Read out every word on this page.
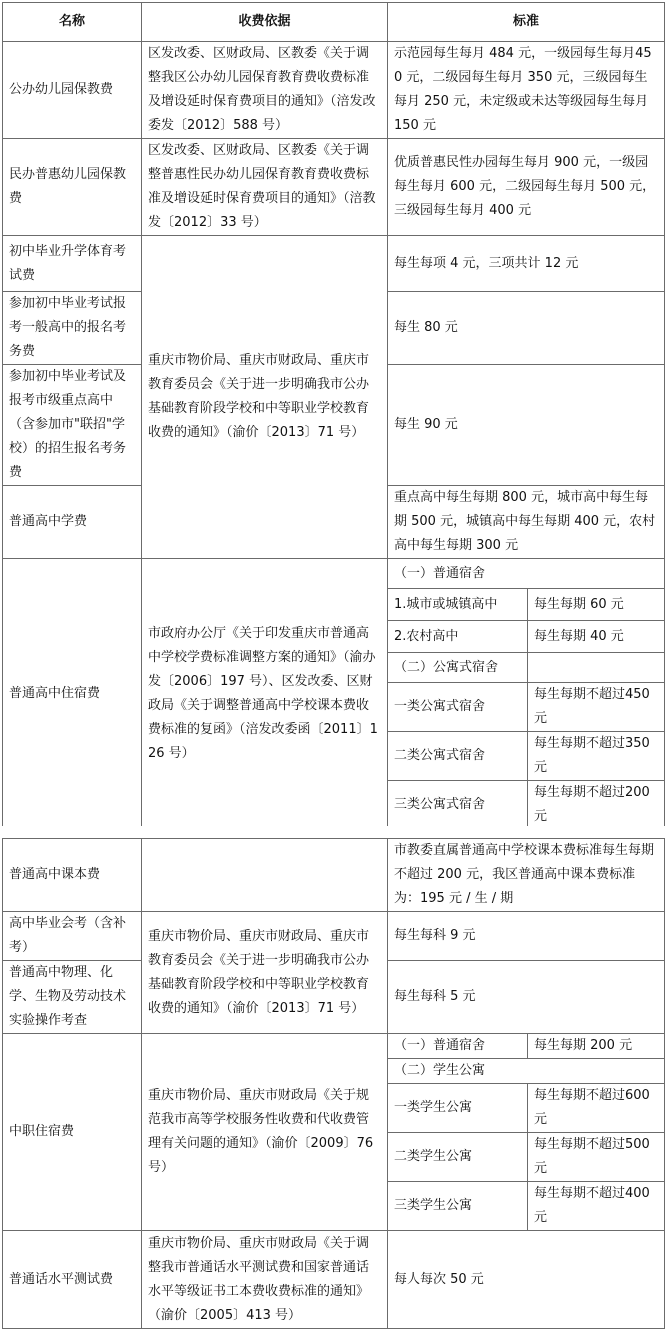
名称	收费依据	标准	
公办幼儿园保教费	区发改委、区财政局、区教委《关于调整我区公办幼儿园保育教育费收费标准及增设延时保育费项目的通知》（涪发改委发〔2012〕588 号）	示范园每生每月 484 元，一级园每生每月450 元，二级园每生每月 350 元，三级园每生每月 250 元，未定级或未达等级园每生每月 150 元	
民办普惠幼儿园保教费	区发改委、区财政局、区教委《关于调整普惠性民办幼儿园保育教育费收费标准及增设延时保育费项目的通知》（涪教发〔2012〕33 号）	优质普惠民性办园每生每月 900 元，一级园每生每月 600 元，二级园每生每月 500 元，三级园每生每月 400 元	
初中毕业升学体育考试费	重庆市物价局、重庆市财政局、重庆市教育委员会《关于进一步明确我市公办基础教育阶段学校和中等职业学校教育收费的通知》（渝价〔2013〕71 号）	每生每项 4 元，三项共计 12 元	
参加初中毕业考试报考一般高中的报名考务费		每生 80 元	
参加初中毕业考试及报考市级重点高中（含参加市"联招"学校）的招生报名考务费		每生 90 元	
普通高中学费		重点高中每生每期 800 元，城市高中每生每期 500 元，城镇高中每生每期 400 元，农村高中每生每期 300 元	
普通高中住宿费	市政府办公厅《关于印发重庆市普通高中学校学费标准调整方案的通知》（渝办发〔2006〕197 号）、区发改委、区财政局《关于调整普通高中学校课本费收费标准的复函》（涪发改委函〔2011〕126 号）	（一）普通宿舍	
		1.城市或城镇高中	每生每期 60 元
		2.农村高中	每生每期 40 元
		（二）公寓式宿舍	
		一类公寓式宿舍	每生每期不超过450 元
		二类公寓式宿舍	每生每期不超过350 元
		三类公寓式宿舍	每生每期不超过200 元
普通高中课本费		市教委直属普通高中学校课本费标准每生每期不超过 200 元，我区普通高中课本费标准为：195 元 / 生 / 期	
高中毕业会考（含补考）	重庆市物价局、重庆市财政局、重庆市教育委员会《关于进一步明确我市公办基础教育阶段学校和中等职业学校教育收费的通知》（渝价〔2013〕71 号）	每生每科 9 元	
普通高中物理、化学、生物及劳动技术实验操作考查		每生每科 5 元	
中职住宿费	重庆市物价局、重庆市财政局《关于规范我市高等学校服务性收费和代收费管理有关问题的通知》（渝价〔2009〕76 号）	（一）普通宿舍	每生每期 200 元
		（二）学生公寓	
		一类学生公寓	每生每期不超过600 元
		二类学生公寓	每生每期不超过500 元
		三类学生公寓	每生每期不超过400 元
普通话水平测试费	重庆市物价局、重庆市财政局《关于调整我市普通话水平测试费和国家普通话水平等级证书工本费收费标准的通知》（渝价〔2005〕413 号）	每人每次 50 元	
